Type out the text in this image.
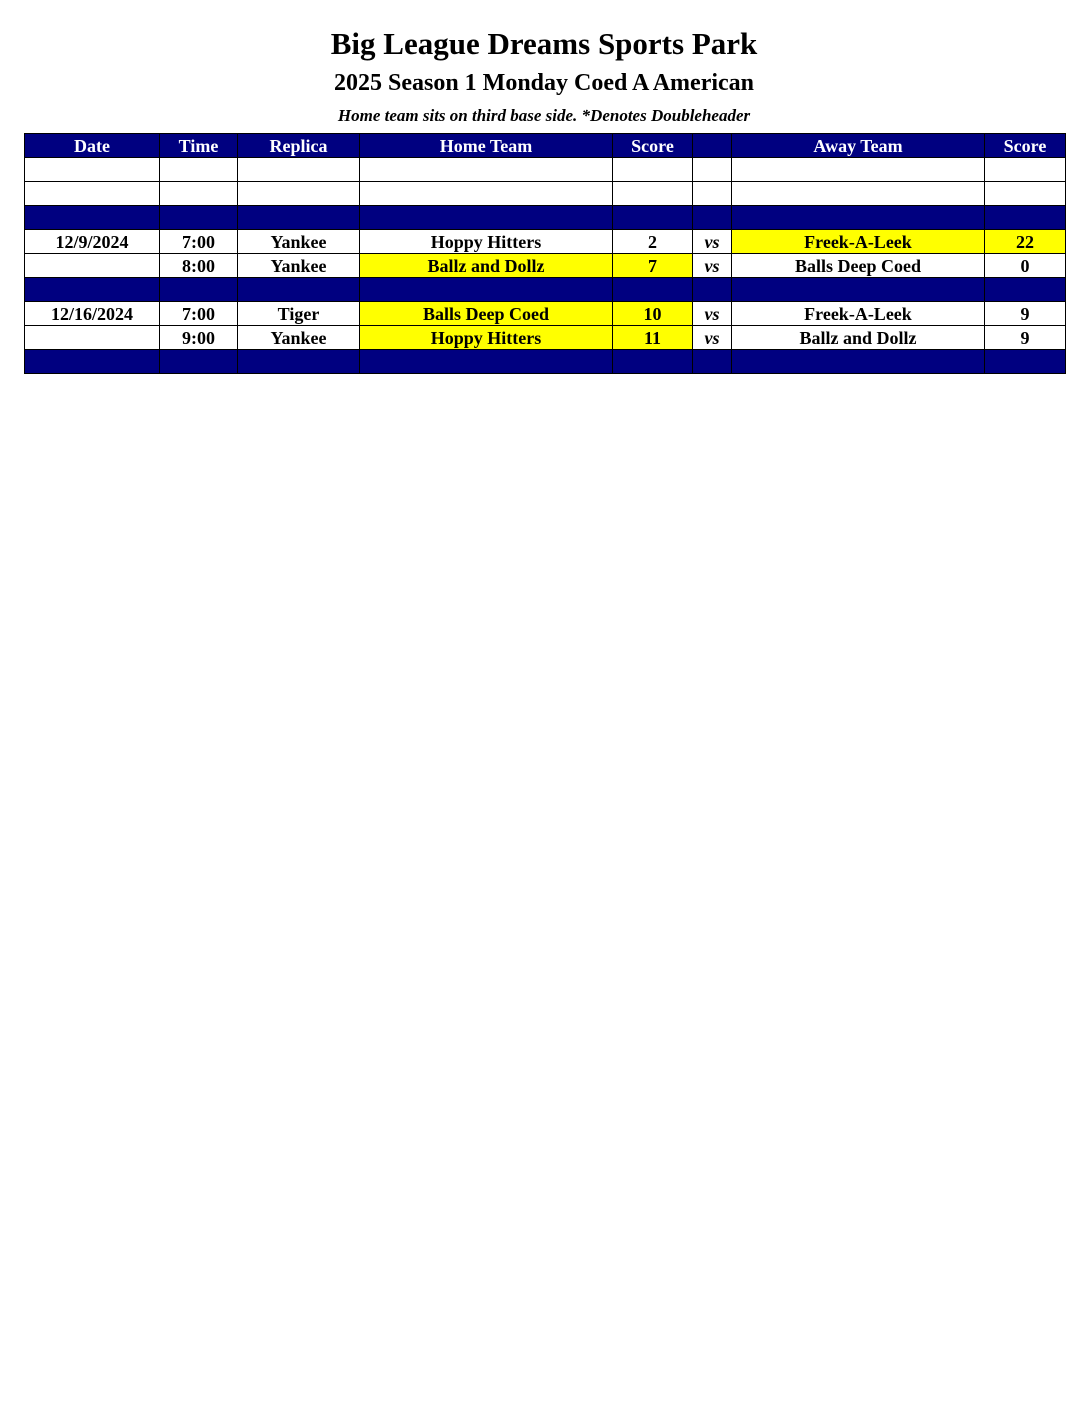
Big League Dreams Sports Park
2025 Season 1 Monday Coed A American
Home team sits on third base side. *Denotes Doubleheader
Date	Time	Replica	Home Team	Score		Away Team	Score

12/9/2024	7:00	Yankee	Hoppy Hitters	2	vs	Freek-A-Leek	22
	8:00	Yankee	Ballz and Dollz	7	vs	Balls Deep Coed	0

12/16/2024	7:00	Tiger	Balls Deep Coed	10	vs	Freek-A-Leek	9
	9:00	Yankee	Hoppy Hitters	11	vs	Ballz and Dollz	9
